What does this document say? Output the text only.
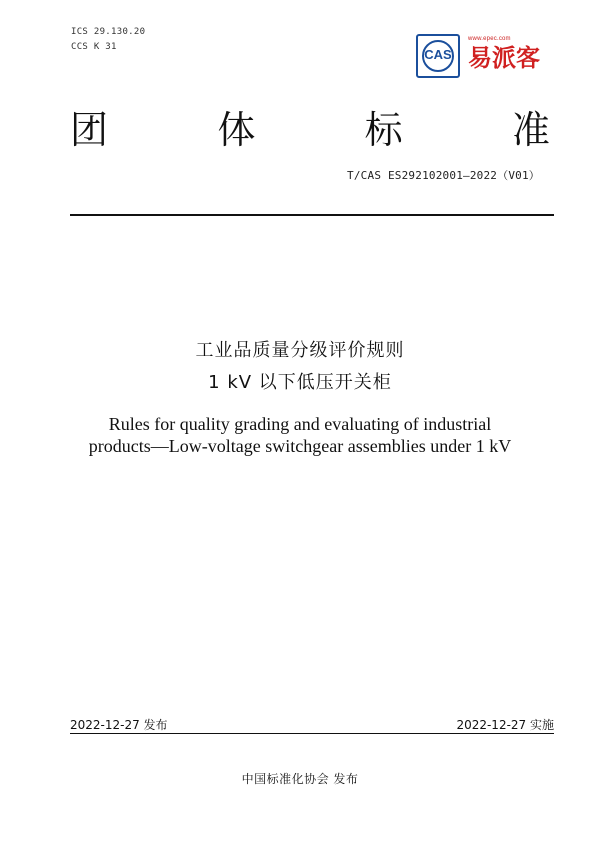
ICS 29.130.20
CCS K 31	CAS
www.epec.com
易派客
团	体	标	准
T/CAS ES292102001—2022（V01）
工业品质量分级评价规则
1 kV 以下低压开关柜
Rules for quality grading and evaluating of industrial
products—Low-voltage switchgear assemblies under 1 kV
2022-12-27 发布	2022-12-27 实施
中国标准化协会 发布
